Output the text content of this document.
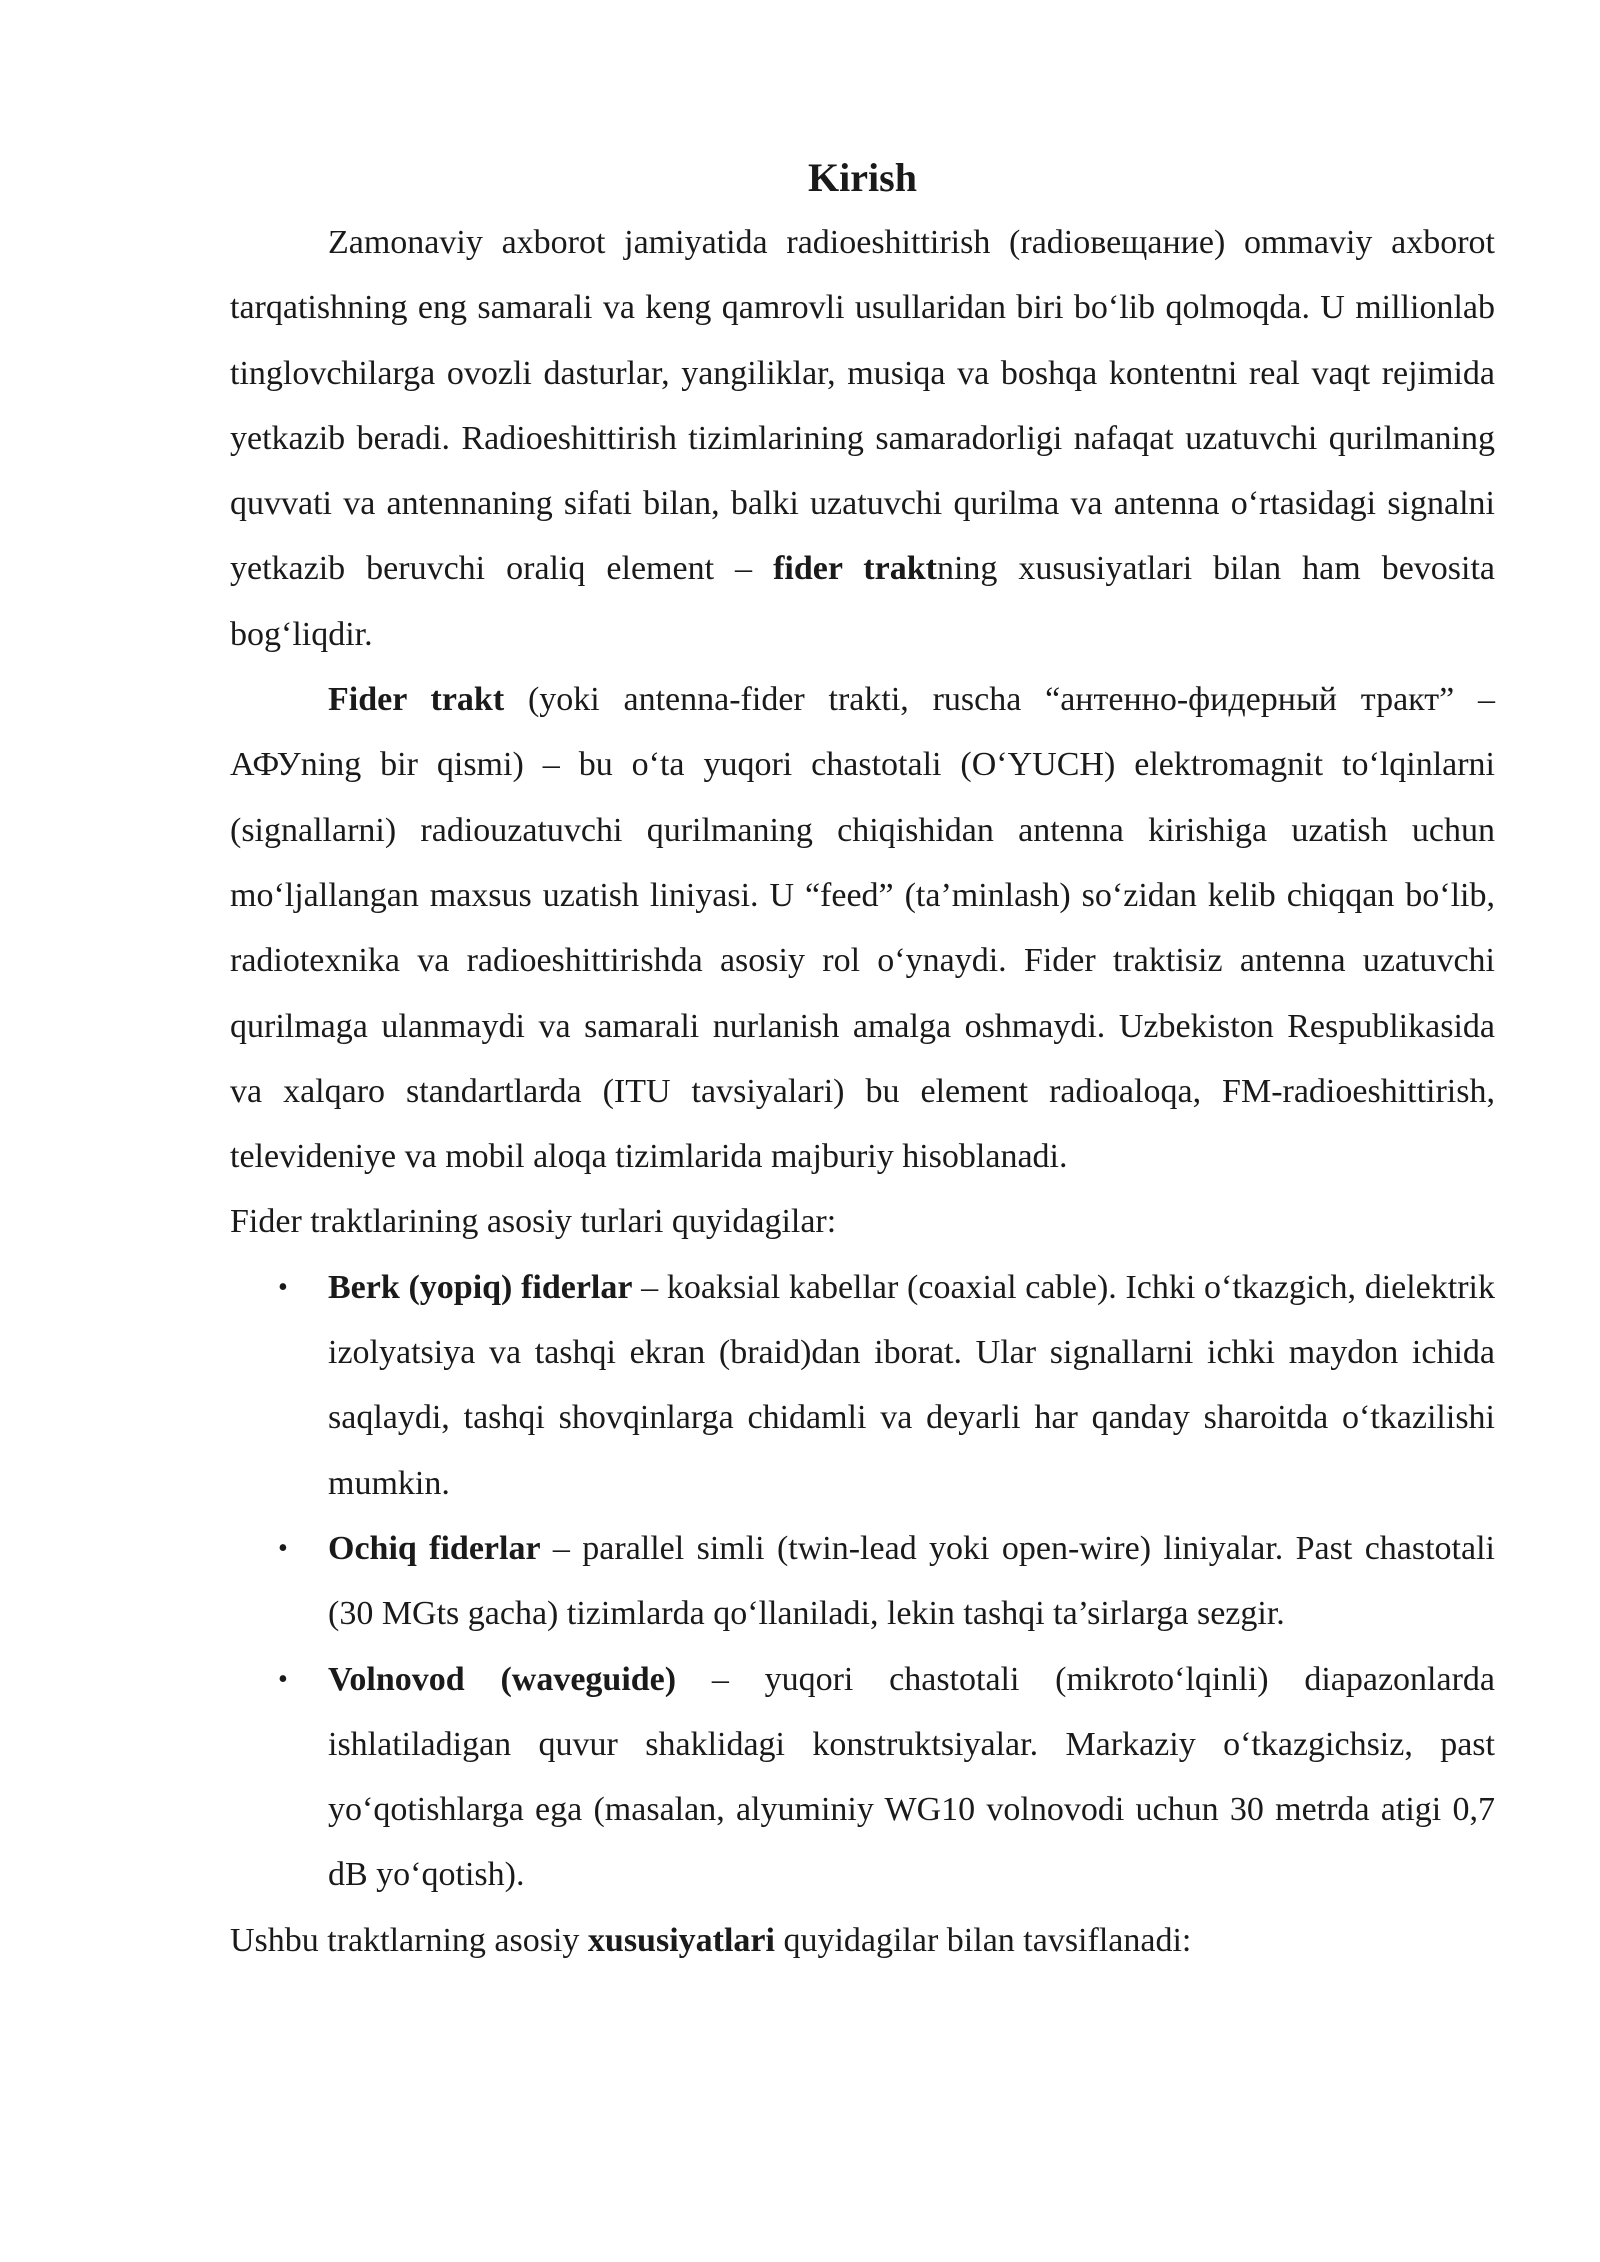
Kirish

Zamonaviy axborot jamiyatida radioeshittirish (radioвещание) ommaviy axborot tarqatishning eng samarali va keng qamrovli usullaridan biri bo‘lib qolmoqda. U millionlab tinglovchilarga ovozli dasturlar, yangiliklar, musiqa va boshqa kontentni real vaqt rejimida yetkazib beradi. Radioeshittirish tizimlarining samaradorligi nafaqat uzatuvchi qurilmaning quvvati va antennaning sifati bilan, balki uzatuvchi qurilma va antenna o‘rtasidagi signalni yetkazib beruvchi oraliq element – fider traktning xususiyatlari bilan ham bevosita bog‘liqdir.

Fider trakt (yoki antenna-fider trakti, ruscha “антенно-фидерный тракт” – АФУning bir qismi) – bu o‘ta yuqori chastotali (O‘YUCH) elektromagnit to‘lqinlarni (signallarni) radiouzatuvchi qurilmaning chiqishidan antenna kirishiga uzatish uchun mo‘ljallangan maxsus uzatish liniyasi. U “feed” (ta’minlash) so‘zidan kelib chiqqan bo‘lib, radiotexnika va radioeshittirishda asosiy rol o‘ynaydi. Fider traktisiz antenna uzatuvchi qurilmaga ulanmaydi va samarali nurlanish amalga oshmaydi. Uzbekiston Respublikasida va xalqaro standartlarda (ITU tavsiyalari) bu element radioaloqa, FM-radioeshittirish, televideniye va mobil aloqa tizimlarida majburiy hisoblanadi.

Fider traktlarining asosiy turlari quyidagilar:

• Berk (yopiq) fiderlar – koaksial kabellar (coaxial cable). Ichki o‘tkazgich, dielektrik izolyatsiya va tashqi ekran (braid)dan iborat. Ular signallarni ichki maydon ichida saqlaydi, tashqi shovqinlarga chidamli va deyarli har qanday sharoitda o‘tkazilishi mumkin.
• Ochiq fiderlar – parallel simli (twin-lead yoki open-wire) liniyalar. Past chastotali (30 MGts gacha) tizimlarda qo‘llaniladi, lekin tashqi ta’sirlarga sezgir.
• Volnovod (waveguide) – yuqori chastotali (mikroto‘lqinli) diapazonlarda ishlatiladigan quvur shaklidagi konstruktsiyalar. Markaziy o‘tkazgichsiz, past yo‘qotishlarga ega (masalan, alyuminiy WG10 volnovodi uchun 30 metrda atigi 0,7 dB yo‘qotish).

Ushbu traktlarning asosiy xususiyatlari quyidagilar bilan tavsiflanadi:
